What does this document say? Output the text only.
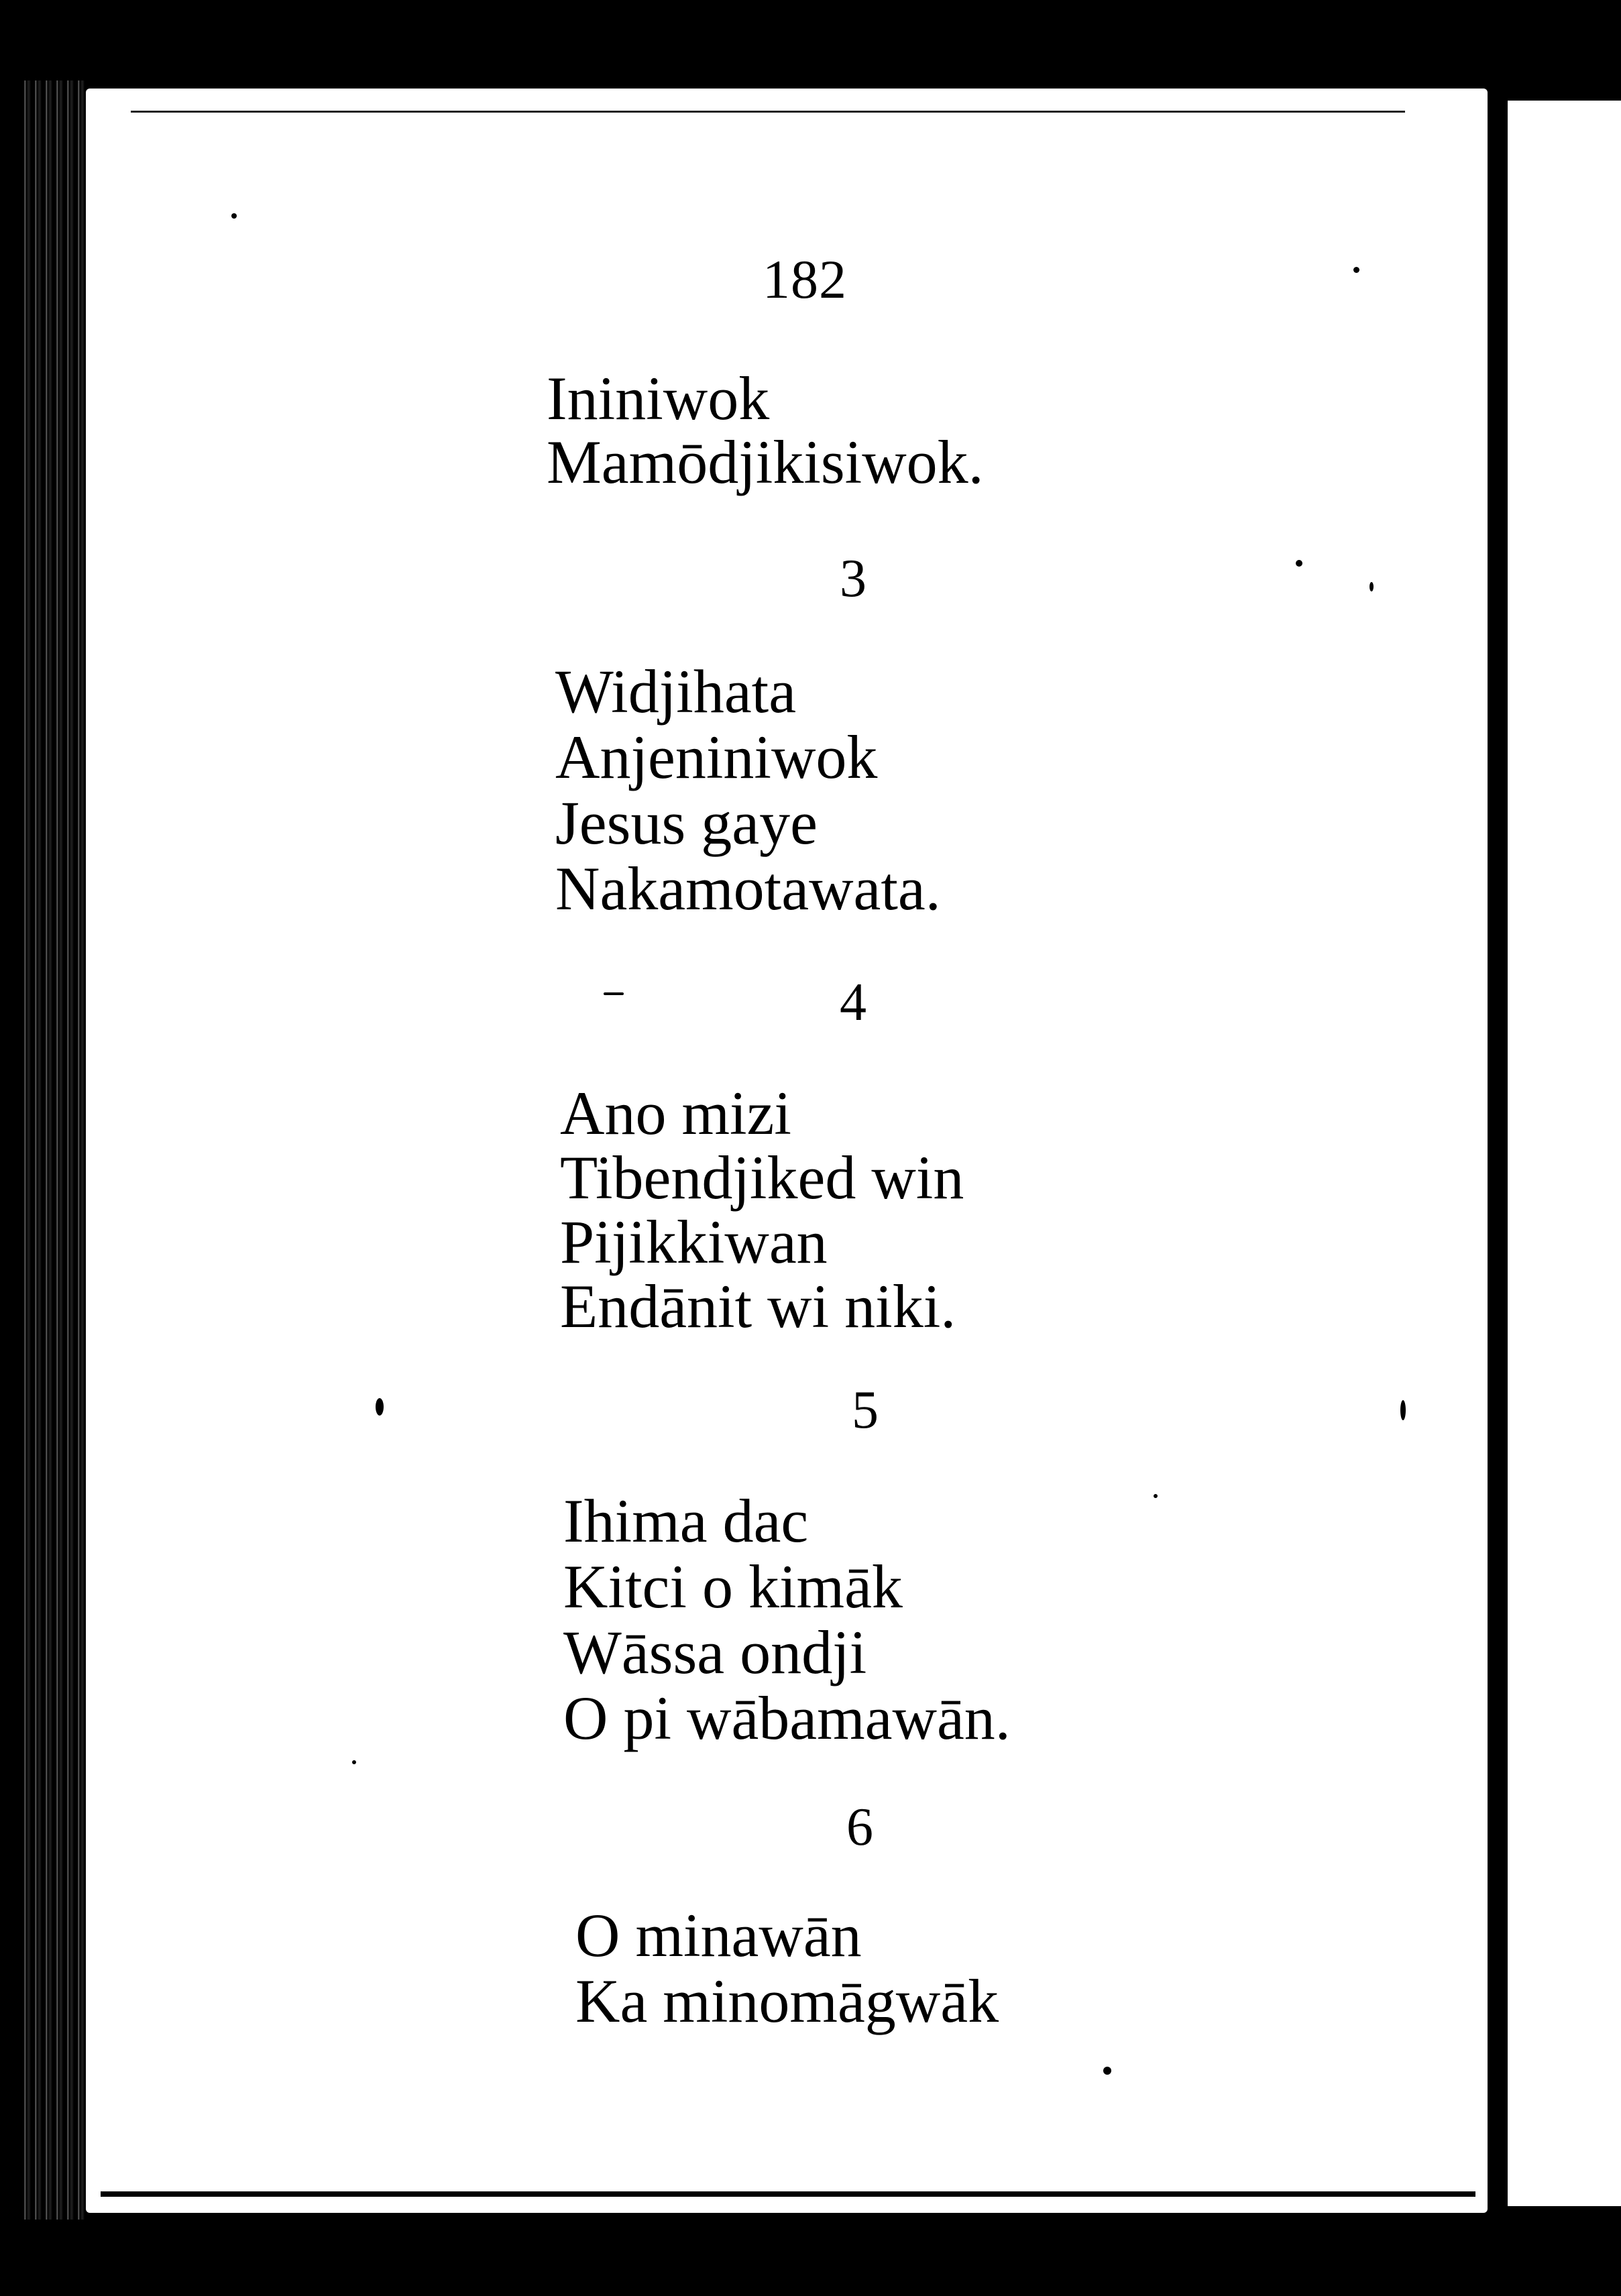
182
Ininiwok
Mamōdjikisiwok.
3
Widjihata
Anjeniniwok
Jesus gaye
Nakamotawata.
4
Ano mizi
Tibendjiked win
Pijikkiwan
Endānit wi niki.
5
Ihima dac
Kitci o kimāk
Wāssa ondji
O pi wābamawān.
6
O minawān
Ka minomāgwāk
